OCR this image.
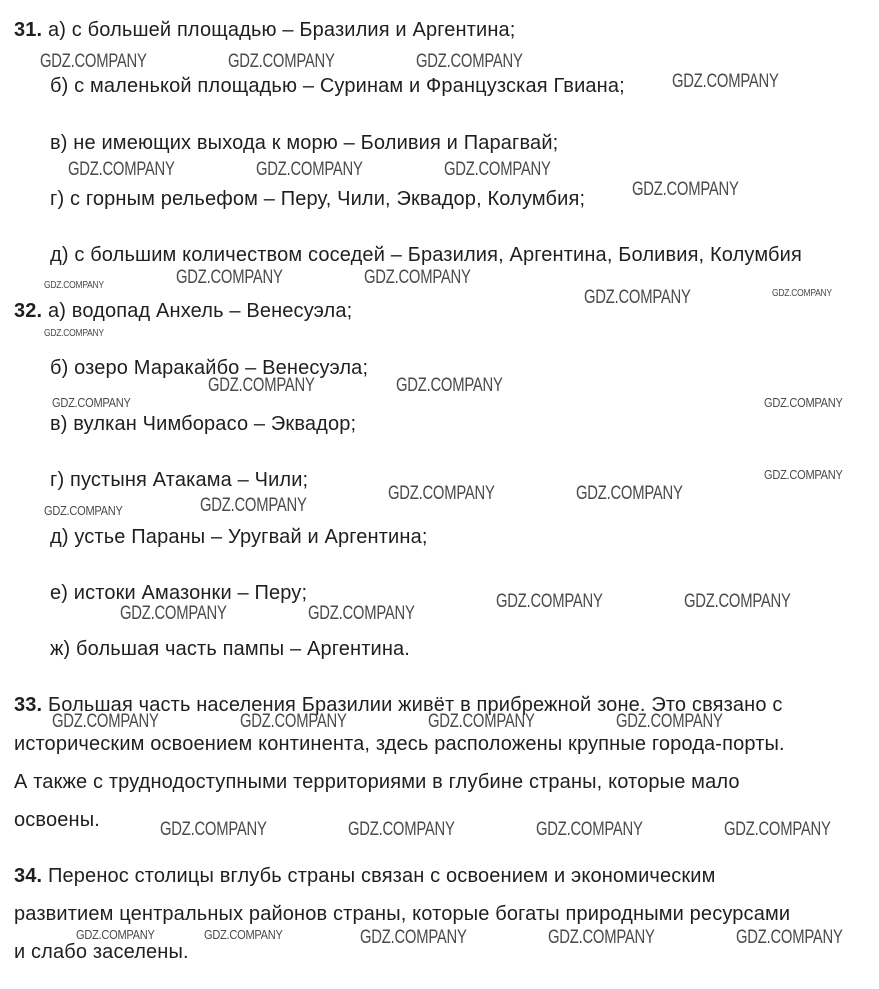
31. а) с большей площадью – Бразилия и Аргентина;
б) с маленькой площадью – Суринам и Французская Гвиана;
в) не имеющих выхода к морю – Боливия и Парагвай;
г) с горным рельефом – Перу, Чили, Эквадор, Колумбия;
д) с большим количеством соседей – Бразилия, Аргентина, Боливия, Колумбия
32. а) водопад Анхель – Венесуэла;
б) озеро Маракайбо – Венесуэла;
в) вулкан Чимборасо – Эквадор;
г) пустыня Атакама – Чили;
д) устье Параны – Уругвай и Аргентина;
е) истоки Амазонки – Перу;
ж) большая часть пампы – Аргентина.
33. Большая часть населения Бразилии живёт в прибрежной зоне. Это связано с
историческим освоением континента, здесь расположены крупные города-порты.
А также с труднодоступными территориями в глубине страны, которые мало
освоены.
34. Перенос столицы вглубь страны связан с освоением и экономическим
развитием центральных районов страны, которые богаты природными ресурсами
и слабо заселены.
GDZ.COMPANY	GDZ.COMPANY	GDZ.COMPANY
GDZ.COMPANY
GDZ.COMPANY	GDZ.COMPANY	GDZ.COMPANY
GDZ.COMPANY
GDZ.COMPANY	GDZ.COMPANY	GDZ.COMPANY
GDZ.COMPANY	GDZ.COMPANY
GDZ.COMPANY
GDZ.COMPANY	GDZ.COMPANY
GDZ.COMPANY	GDZ.COMPANY
GDZ.COMPANY
GDZ.COMPANY	GDZ.COMPANY
GDZ.COMPANY
GDZ.COMPANY
GDZ.COMPANY	GDZ.COMPANY
GDZ.COMPANY	GDZ.COMPANY
GDZ.COMPANY	GDZ.COMPANY	GDZ.COMPANY	GDZ.COMPANY
GDZ.COMPANY	GDZ.COMPANY	GDZ.COMPANY	GDZ.COMPANY
GDZ.COMPANY	GDZ.COMPANY	GDZ.COMPANY	GDZ.COMPANY	GDZ.COMPANY
